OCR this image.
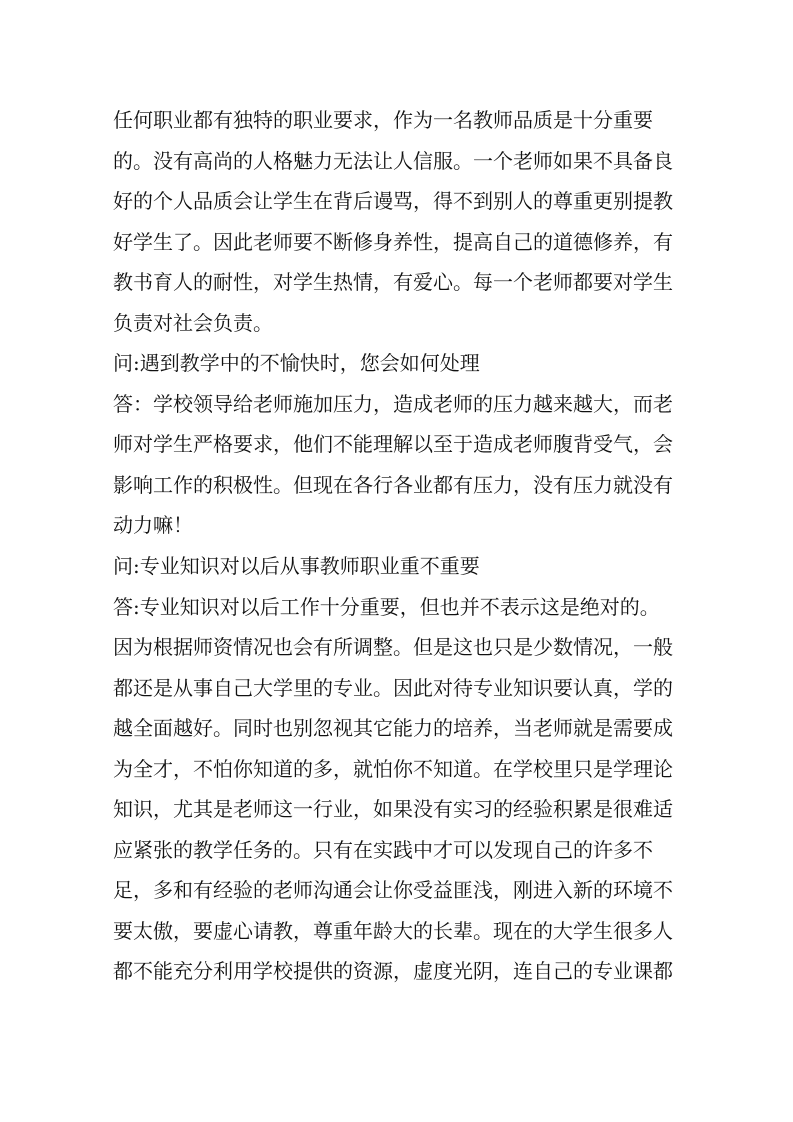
任何职业都有独特的职业要求，作为一名教师品质是十分重要
的。没有高尚的人格魅力无法让人信服。一个老师如果不具备良
好的个人品质会让学生在背后谩骂，得不到别人的尊重更别提教
好学生了。因此老师要不断修身养性，提高自己的道德修养，有
教书育人的耐性，对学生热情，有爱心。每一个老师都要对学生
负责对社会负责。
问:遇到教学中的不愉快时，您会如何处理
答：学校领导给老师施加压力，造成老师的压力越来越大，而老
师对学生严格要求，他们不能理解以至于造成老师腹背受气，会
影响工作的积极性。但现在各行各业都有压力，没有压力就没有
动力嘛！
问:专业知识对以后从事教师职业重不重要
答:专业知识对以后工作十分重要，但也并不表示这是绝对的。
因为根据师资情况也会有所调整。但是这也只是少数情况，一般
都还是从事自己大学里的专业。因此对待专业知识要认真，学的
越全面越好。同时也别忽视其它能力的培养，当老师就是需要成
为全才，不怕你知道的多，就怕你不知道。在学校里只是学理论
知识，尤其是老师这一行业，如果没有实习的经验积累是很难适
应紧张的教学任务的。只有在实践中才可以发现自己的许多不
足，多和有经验的老师沟通会让你受益匪浅，刚进入新的环境不
要太傲，要虚心请教，尊重年龄大的长辈。现在的大学生很多人
都不能充分利用学校提供的资源，虚度光阴，连自己的专业课都
